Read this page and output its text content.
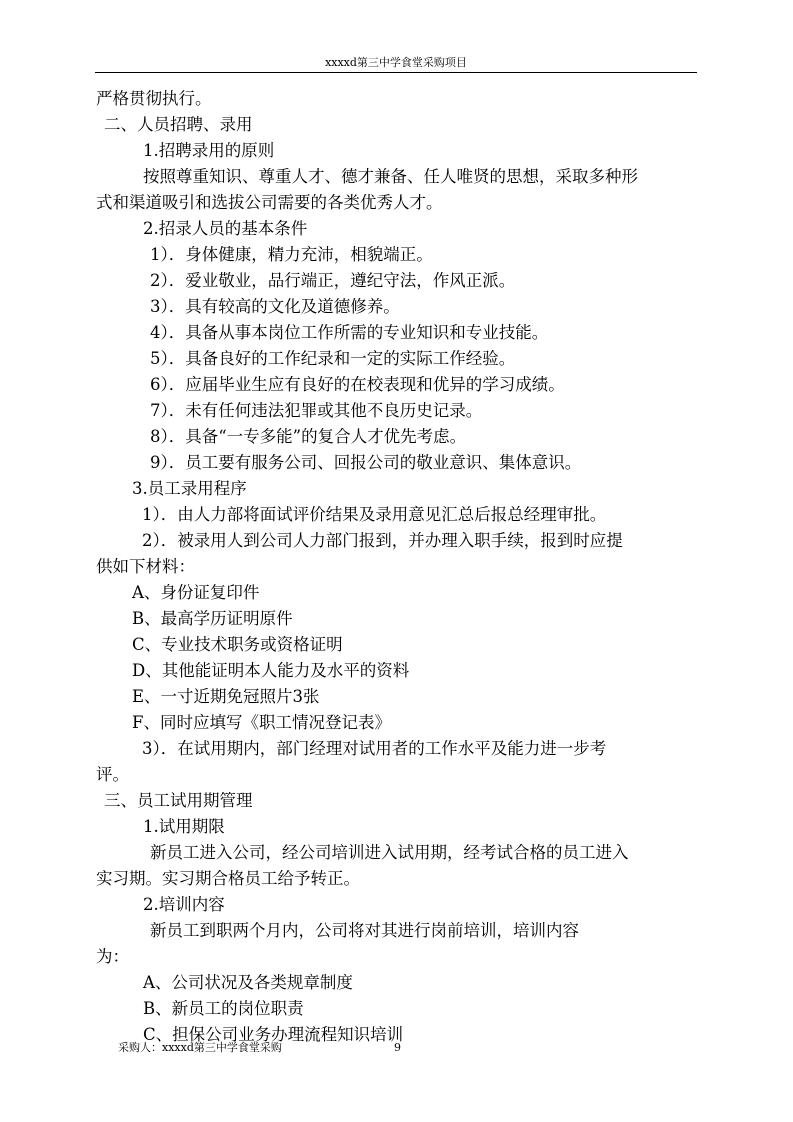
xxxxd第三中学食堂采购项目
严格贯彻执行。
二、人员招聘、录用
1.招聘录用的原则
按照尊重知识、尊重人才、德才兼备、任人唯贤的思想，采取多种形
式和渠道吸引和选拔公司需要的各类优秀人才。
2.招录人员的基本条件
1）．身体健康，精力充沛，相貌端正。
2）．爱业敬业，品行端正，遵纪守法，作风正派。
3）．具有较高的文化及道德修养。
4）．具备从事本岗位工作所需的专业知识和专业技能。
5）．具备良好的工作纪录和一定的实际工作经验。
6）．应届毕业生应有良好的在校表现和优异的学习成绩。
7）．未有任何违法犯罪或其他不良历史记录。
8）．具备“一专多能”的复合人才优先考虑。
9）．员工要有服务公司、回报公司的敬业意识、集体意识。
3.员工录用程序
1）．由人力部将面试评价结果及录用意见汇总后报总经理审批。
2）．被录用人到公司人力部门报到，并办理入职手续，报到时应提
供如下材料：
A、身份证复印件
B、最高学历证明原件
C、专业技术职务或资格证明
D、其他能证明本人能力及水平的资料
E、一寸近期免冠照片3张
F、同时应填写《职工情况登记表》
3）．在试用期内，部门经理对试用者的工作水平及能力进一步考
评。
三、员工试用期管理
1.试用期限
新员工进入公司，经公司培训进入试用期，经考试合格的员工进入
实习期。实习期合格员工给予转正。
2.培训内容
新员工到职两个月内，公司将对其进行岗前培训，培训内容
为：
A、公司状况及各类规章制度
B、新员工的岗位职责
C、担保公司业务办理流程知识培训
采购人：xxxxd第三中学食堂采购	9
